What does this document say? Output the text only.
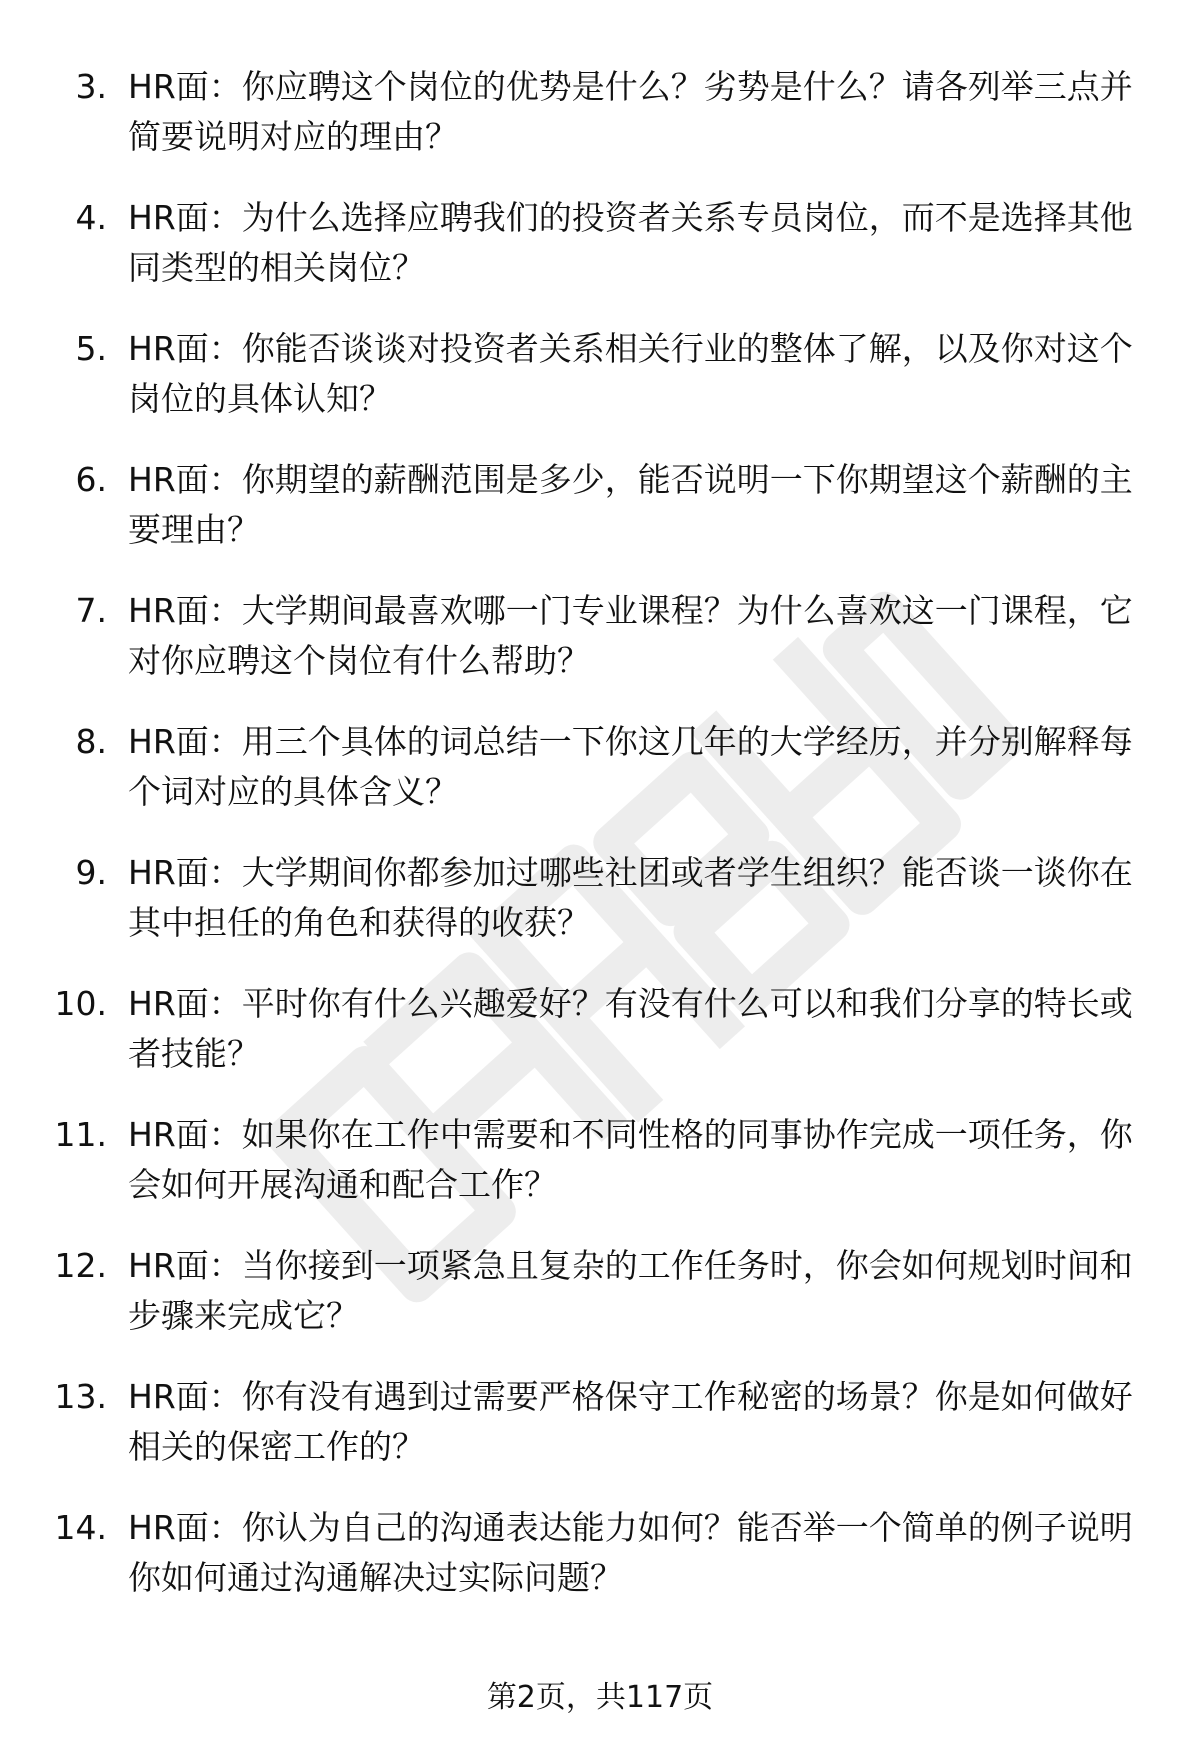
3. HR面：你应聘这个岗位的优势是什么？劣势是什么？请各列举三点并简要说明对应的理由？
4. HR面：为什么选择应聘我们的投资者关系专员岗位，而不是选择其他同类型的相关岗位？
5. HR面：你能否谈谈对投资者关系相关行业的整体了解，以及你对这个岗位的具体认知？
6. HR面：你期望的薪酬范围是多少，能否说明一下你期望这个薪酬的主要理由？
7. HR面：大学期间最喜欢哪一门专业课程？为什么喜欢这一门课程，它对你应聘这个岗位有什么帮助？
8. HR面：用三个具体的词总结一下你这几年的大学经历，并分别解释每个词对应的具体含义？
9. HR面：大学期间你都参加过哪些社团或者学生组织？能否谈一谈你在其中担任的角色和获得的收获？
10. HR面：平时你有什么兴趣爱好？有没有什么可以和我们分享的特长或者技能？
11. HR面：如果你在工作中需要和不同性格的同事协作完成一项任务，你会如何开展沟通和配合工作？
12. HR面：当你接到一项紧急且复杂的工作任务时，你会如何规划时间和步骤来完成它？
13. HR面：你有没有遇到过需要严格保守工作秘密的场景？你是如何做好相关的保密工作的？
14. HR面：你认为自己的沟通表达能力如何？能否举一个简单的例子说明你如何通过沟通解决过实际问题？
第2页，共117页
